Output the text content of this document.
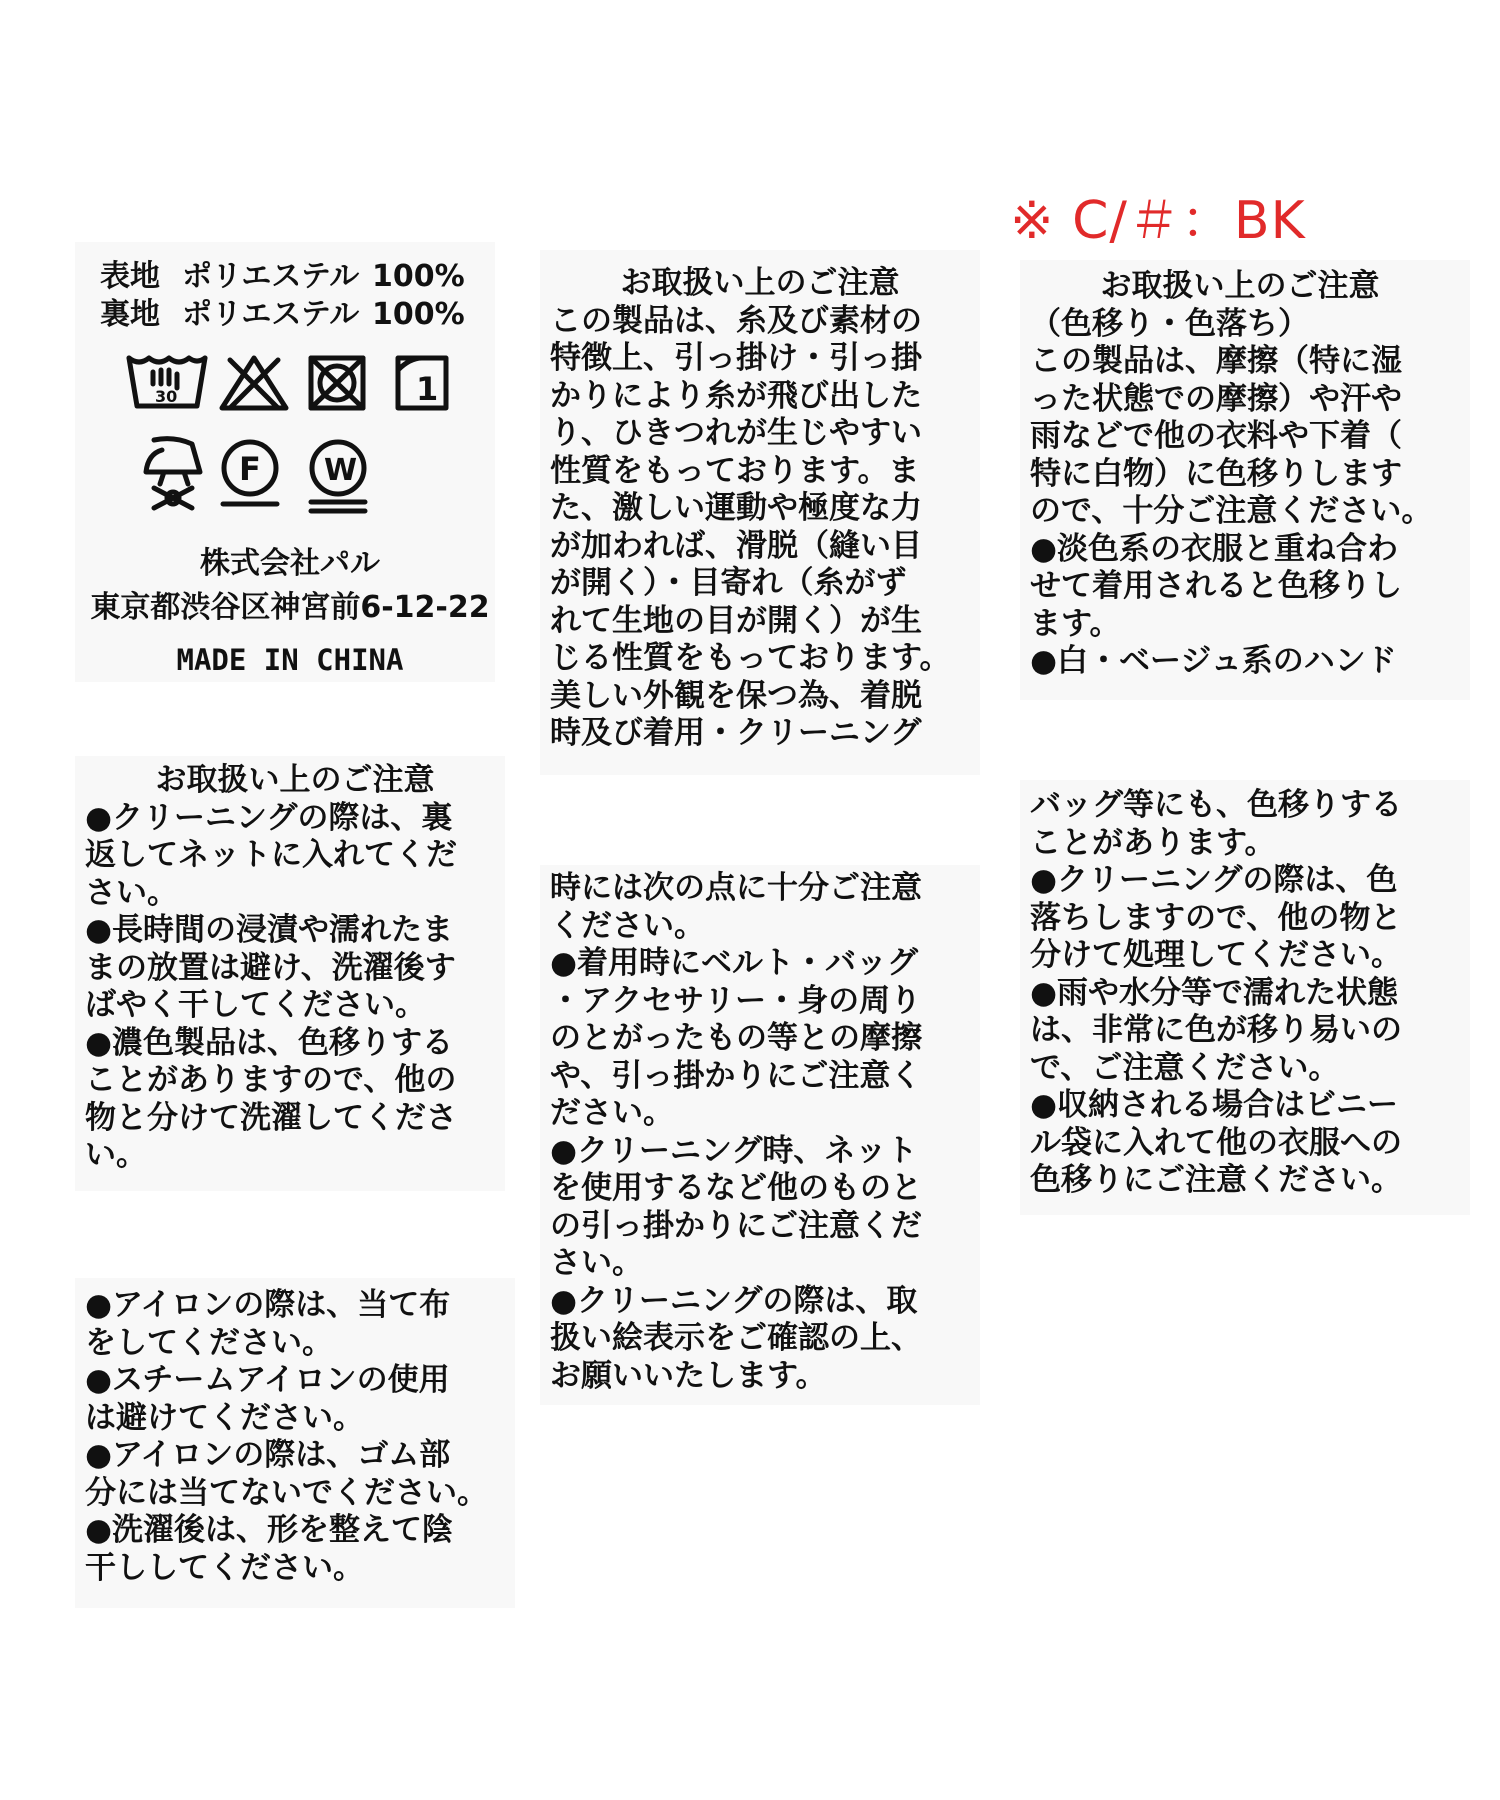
※ C/＃：BK
表地 ポリエステル 100%
裏地 ポリエステル 100%
30	1
F W
株式会社パル
東京都渋谷区神宮前6-12-22
MADE IN CHINA
お取扱い上のご注意
●クリーニングの際は、裏
返してネットに入れてくだ
さい。
●長時間の浸漬や濡れたま
まの放置は避け、洗濯後す
ばやく干してください。
●濃色製品は、色移りする
ことがありますので、他の
物と分けて洗濯してくださ
い。
●アイロンの際は、当て布
をしてください。
●スチームアイロンの使用
は避けてください。
●アイロンの際は、ゴム部
分には当てないでください。
●洗濯後は、形を整えて陰
干ししてください。
お取扱い上のご注意
この製品は、糸及び素材の
特徴上、引っ掛け・引っ掛
かりにより糸が飛び出した
り、ひきつれが生じやすい
性質をもっております。ま
た、激しい運動や極度な力
が加われば、滑脱（縫い目
が開く）・目寄れ（糸がず
れて生地の目が開く）が生
じる性質をもっております。
美しい外観を保つ為、着脱
時及び着用・クリーニング
時には次の点に十分ご注意
ください。
●着用時にベルト・バッグ
・アクセサリー・身の周り
のとがったもの等との摩擦
や、引っ掛かりにご注意く
ださい。
●クリーニング時、ネット
を使用するなど他のものと
の引っ掛かりにご注意くだ
さい。
●クリーニングの際は、取
扱い絵表示をご確認の上、
お願いいたします。
お取扱い上のご注意
（色移り・色落ち）
この製品は、摩擦（特に湿
った状態での摩擦）や汗や
雨などで他の衣料や下着（
特に白物）に色移りします
ので、十分ご注意ください。
●淡色系の衣服と重ね合わ
せて着用されると色移りし
ます。
●白・ベージュ系のハンド
バッグ等にも、色移りする
ことがあります。
●クリーニングの際は、色
落ちしますので、他の物と
分けて処理してください。
●雨や水分等で濡れた状態
は、非常に色が移り易いの
で、ご注意ください。
●収納される場合はビニー
ル袋に入れて他の衣服への
色移りにご注意ください。
